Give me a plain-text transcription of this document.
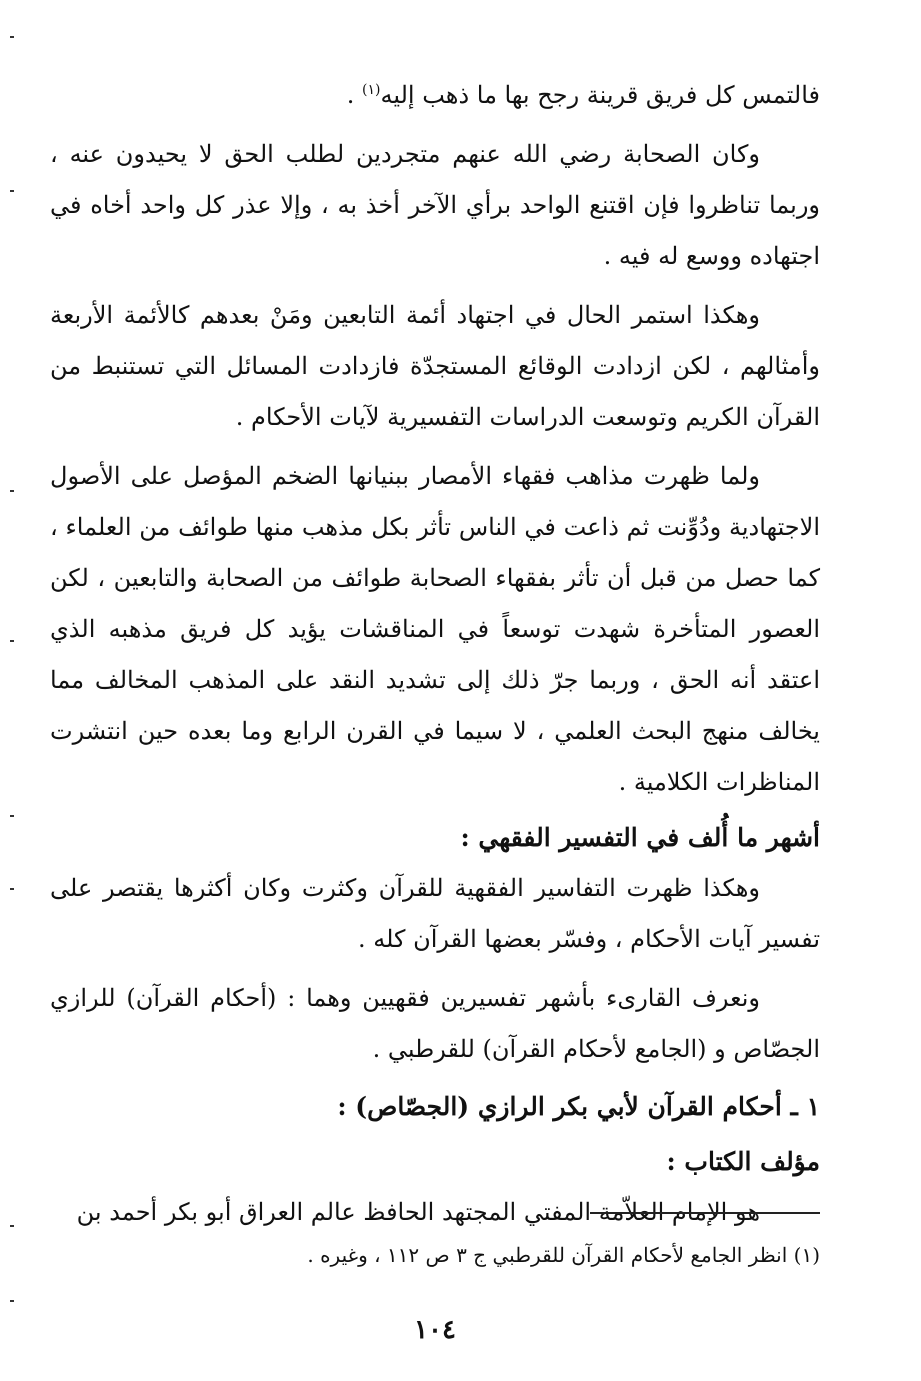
فالتمس كل فريق قرينة رجح بها ما ذهب إليه$^{(١)}$ .

وكان الصحابة رضي الله عنهم متجردين لطلب الحق لا يحيدون عنه ، وربما تناظروا فإن اقتنع الواحد برأي الآخر أخذ به ، وإلا عذر كل واحد أخاه في اجتهاده ووسع له فيه .

وهكذا استمر الحال في اجتهاد أئمة التابعين ومَنْ بعدهم كالأئمة الأربعة وأمثالهم ، لكن ازدادت الوقائع المستجدّة فازدادت المسائل التي تستنبط من القرآن الكريم وتوسعت الدراسات التفسيرية لآيات الأحكام .

ولما ظهرت مذاهب فقهاء الأمصار ببنيانها الضخم المؤصل على الأصول الاجتهادية ودُوِّنت ثم ذاعت في الناس تأثر بكل مذهب منها طوائف من العلماء ، كما حصل من قبل أن تأثر بفقهاء الصحابة طوائف من الصحابة والتابعين ، لكن العصور المتأخرة شهدت توسعاً في المناقشات يؤيد كل فريق مذهبه الذي اعتقد أنه الحق ، وربما جرّ ذلك إلى تشديد النقد على المذهب المخالف مما يخالف منهج البحث العلمي ، لا سيما في القرن الرابع وما بعده حين انتشرت المناظرات الكلامية .

أشهر ما أُلف في التفسير الفقهي :

وهكذا ظهرت التفاسير الفقهية للقرآن وكثرت وكان أكثرها يقتصر على تفسير آيات الأحكام ، وفسّر بعضها القرآن كله .

ونعرف القارىء بأشهر تفسيرين فقهيين وهما : (أحكام القرآن) للرازي الجصّاص و (الجامع لأحكام القرآن) للقرطبي .

١ ـ أحكام القرآن لأبي بكر الرازي (الجصّاص) :
مؤلف الكتاب :

هو الإمام العلاّمة المفتي المجتهد الحافظ عالم العراق أبو بكر أحمد بن

(١) انظر الجامع لأحكام القرآن للقرطبي ج ٣ ص ١١٢ ، وغيره .

١٠٤
